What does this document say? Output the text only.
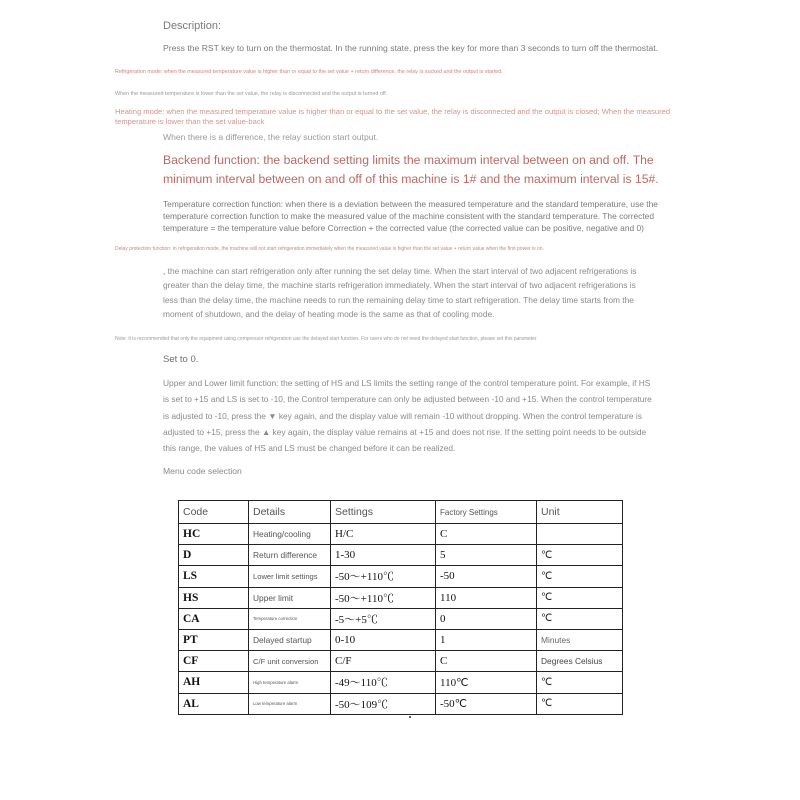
Description:

Press the RST key to turn on the thermostat. In the running state, press the key for more than 3 seconds to turn off the thermostat.

Refrigeration mode: when the measured temperature value is higher than or equal to the set value + return difference, the relay is sucked and the output is started.

When the measured temperature is lower than the set value, the relay is disconnected and the output is turned off.

Heating mode: when the measured temperature value is higher than or equal to the set value, the relay is disconnected and the output is closed; When the measured temperature is lower than the set value-back

When there is a difference, the relay suction start output.

Backend function: the backend setting limits the maximum interval between on and off. The minimum interval between on and off of this machine is 1# and the maximum interval is 15#.

Temperature correction function: when there is a deviation between the measured temperature and the standard temperature, use the temperature correction function to make the measured value of the machine consistent with the standard temperature. The corrected temperature = the temperature value before Correction + the corrected value (the corrected value can be positive, negative and 0)

Delay protection function: in refrigeration mode, the machine will not start refrigeration immediately when the measured value is higher than the set value + return value when the first power is on.

, the machine can start refrigeration only after running the set delay time. When the start interval of two adjacent refrigerations is greater than the delay time, the machine starts refrigeration immediately. When the start interval of two adjacent refrigerations is less than the delay time, the machine needs to run the remaining delay time to start refrigeration. The delay time starts from the moment of shutdown, and the delay of heating mode is the same as that of cooling mode.

Note: it is recommended that only the equipment using compressor refrigeration use the delayed start function. For users who do not need the delayed start function, please set this parameter

Set to 0.

Upper and Lower limit function: the setting of HS and LS limits the setting range of the control temperature point. For example, if HS is set to +15 and LS is set to -10, the Control temperature can only be adjusted between -10 and +15. When the control temperature is adjusted to -10, press the ▼ key again, and the display value will remain -10 without dropping. When the control temperature is adjusted to +15, press the ▲ key again, the display value remains at +15 and does not rise. If the setting point needs to be outside this range, the values of HS and LS must be changed before it can be realized.

Menu code selection

Code	Details	Settings	Factory Settings	Unit
HC	Heating/cooling	H/C	C	
D	Return difference	1-30	5	℃
LS	Lower limit settings	-50～+110℃	-50	℃
HS	Upper limit	-50～+110℃	110	℃
CA	Temperature correction	-5～+5℃	0	℃
PT	Delayed startup	0-10	1	Minutes
CF	C/F unit conversion	C/F	C	Degrees Celsius
AH	High temperature alarm	-49～110℃	110℃	℃
AL	Low temperature alarm	-50～109℃	-50℃	℃
